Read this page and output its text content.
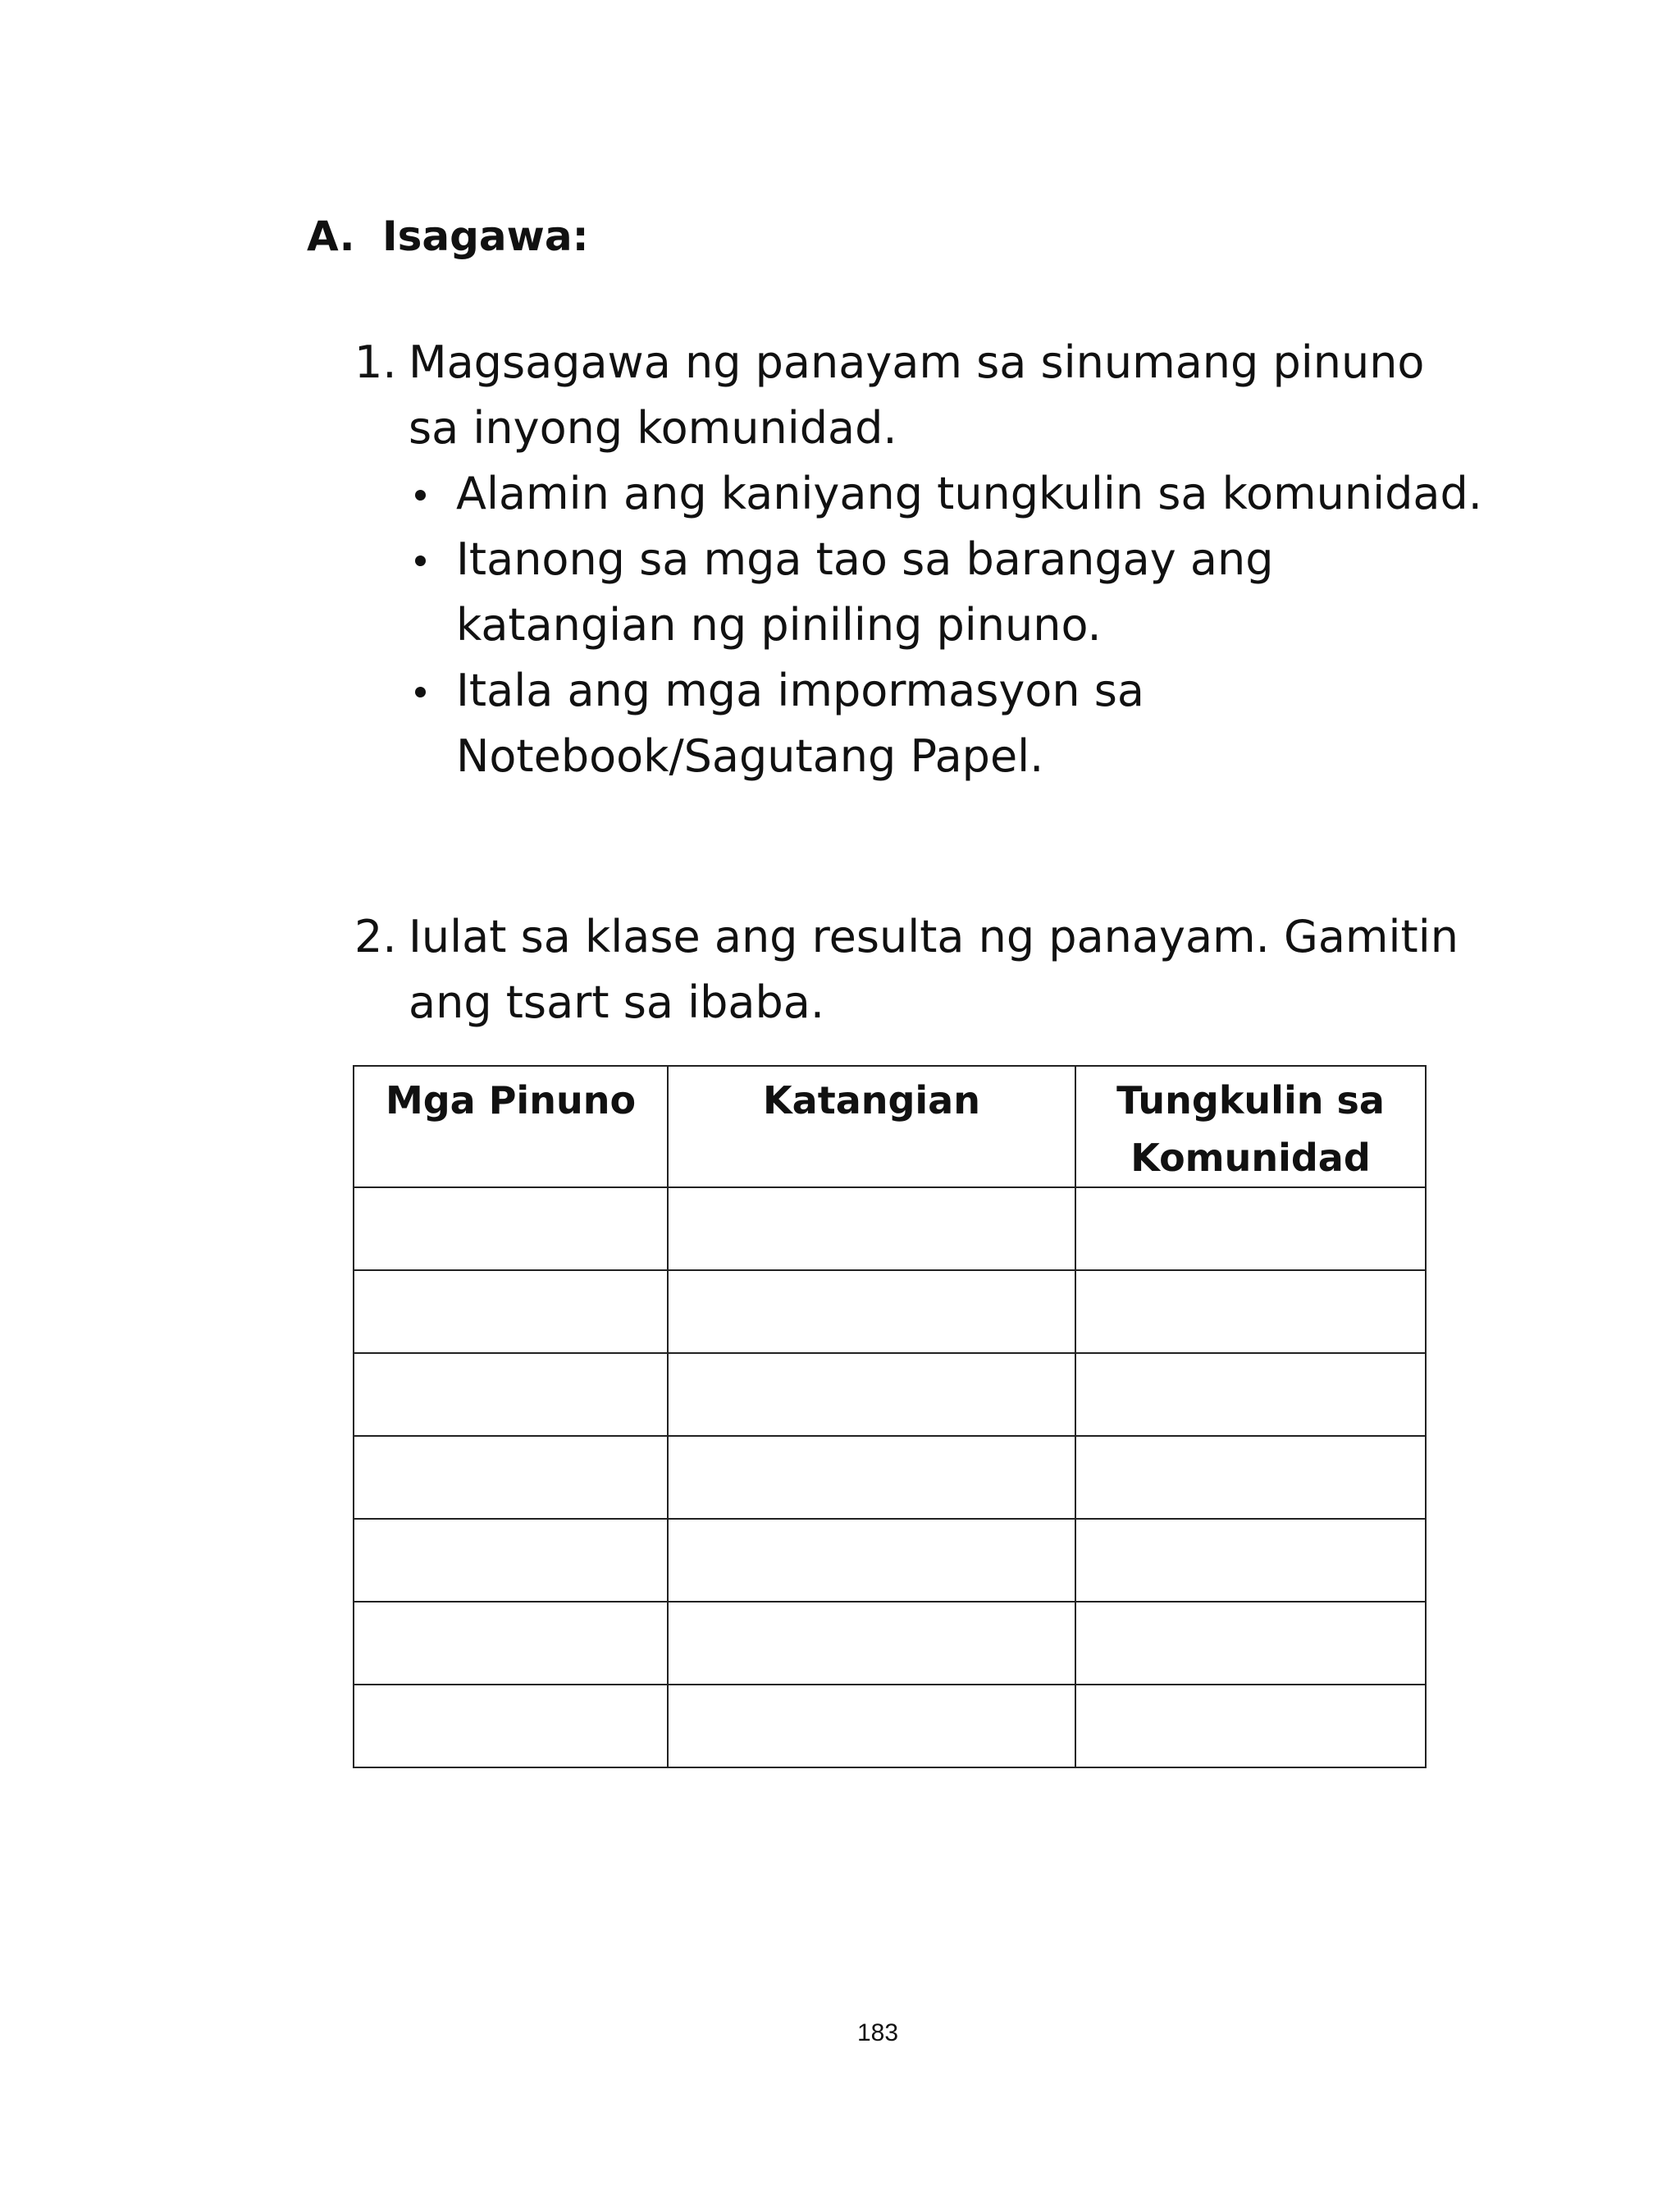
A. Isagawa:
1. Magsagawa ng panayam sa sinumang pinuno sa inyong komunidad.
Alamin ang kaniyang tungkulin sa komunidad.
Itanong sa mga tao sa barangay ang katangian ng piniling pinuno.
Itala ang mga impormasyon sa Notebook/Sagutang Papel.
2. Iulat sa klase ang resulta ng panayam. Gamitin ang tsart sa ibaba.
Mga Pinuno	Katangian	Tungkulin sa Komunidad

183
